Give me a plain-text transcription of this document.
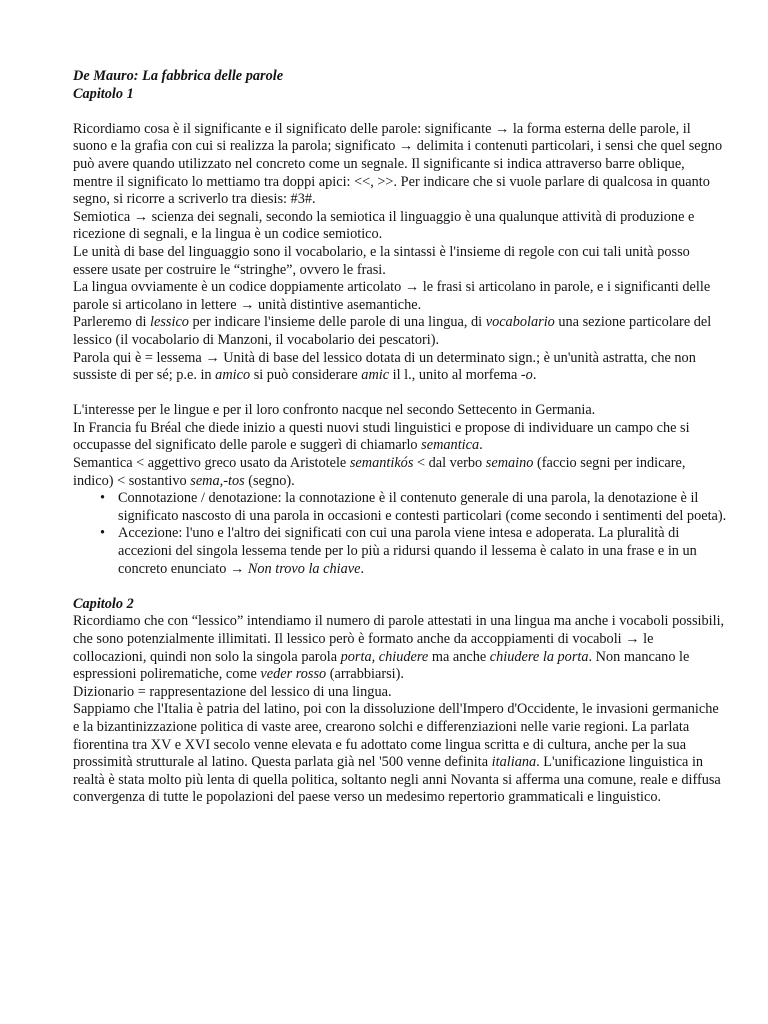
De Mauro: La fabbrica delle parole
Capitolo 1

Ricordiamo cosa è il significante e il significato delle parole: significante → la forma esterna delle parole, il suono e la grafia con cui si realizza la parola; significato → delimita i contenuti particolari, i sensi che quel segno può avere quando utilizzato nel concreto come un segnale. Il significante si indica attraverso barre oblique, mentre il significato lo mettiamo tra doppi apici: <<, >>. Per indicare che si vuole parlare di qualcosa in quanto segno, si ricorre a scriverlo tra diesis: #3#.

Semiotica → scienza dei segnali, secondo la semiotica il linguaggio è una qualunque attività di produzione e ricezione di segnali, e la lingua è un codice semiotico.

Le unità di base del linguaggio sono il vocabolario, e la sintassi è l'insieme di regole con cui tali unità posso essere usate per costruire le “stringhe”, ovvero le frasi.

La lingua ovviamente è un codice doppiamente articolato → le frasi si articolano in parole, e i significanti delle parole si articolano in lettere → unità distintive asemantiche.

Parleremo di lessico per indicare l'insieme delle parole di una lingua, di vocabolario una sezione particolare del lessico (il vocabolario di Manzoni, il vocabolario dei pescatori).

Parola qui è = lessema → Unità di base del lessico dotata di un determinato sign.; è un'unità astratta, che non sussiste di per sé; p.e. in amico si può considerare amic il l., unito al morfema -o.

L'interesse per le lingue e per il loro confronto nacque nel secondo Settecento in Germania.

In Francia fu Bréal che diede inizio a questi nuovi studi linguistici e propose di individuare un campo che si occupasse del significato delle parole e suggerì di chiamarlo semantica.

Semantica < aggettivo greco usato da Aristotele semantikós < dal verbo semaino (faccio segni per indicare, indico) < sostantivo sema,-tos (segno).

• Connotazione / denotazione: la connotazione è il contenuto generale di una parola, la denotazione è il significato nascosto di una parola in occasioni e contesti particolari (come secondo i sentimenti del poeta).
• Accezione: l'uno e l'altro dei significati con cui una parola viene intesa e adoperata. La pluralità di accezioni del singola lessema tende per lo più a ridursi quando il lessema è calato in una frase e in un concreto enunciato → Non trovo la chiave.
Capitolo 2

Ricordiamo che con “lessico” intendiamo il numero di parole attestati in una lingua ma anche i vocaboli possibili, che sono potenzialmente illimitati. Il lessico però è formato anche da accoppiamenti di vocaboli → le collocazioni, quindi non solo la singola parola porta, chiudere ma anche chiudere la porta. Non mancano le espressioni polirematiche, come veder rosso (arrabbiarsi).

Dizionario = rappresentazione del lessico di una lingua.

Sappiamo che l'Italia è patria del latino, poi con la dissoluzione dell'Impero d'Occidente, le invasioni germaniche e la bizantinizzazione politica di vaste aree, crearono solchi e differenziazioni nelle varie regioni. La parlata fiorentina tra XV e XVI secolo venne elevata e fu adottato come lingua scritta e di cultura, anche per la sua prossimità strutturale al latino. Questa parlata già nel '500 venne definita italiana. L'unificazione linguistica in realtà è stata molto più lenta di quella politica, soltanto negli anni Novanta si afferma una comune, reale e diffusa convergenza di tutte le popolazioni del paese verso un medesimo repertorio grammaticali e linguistico.
